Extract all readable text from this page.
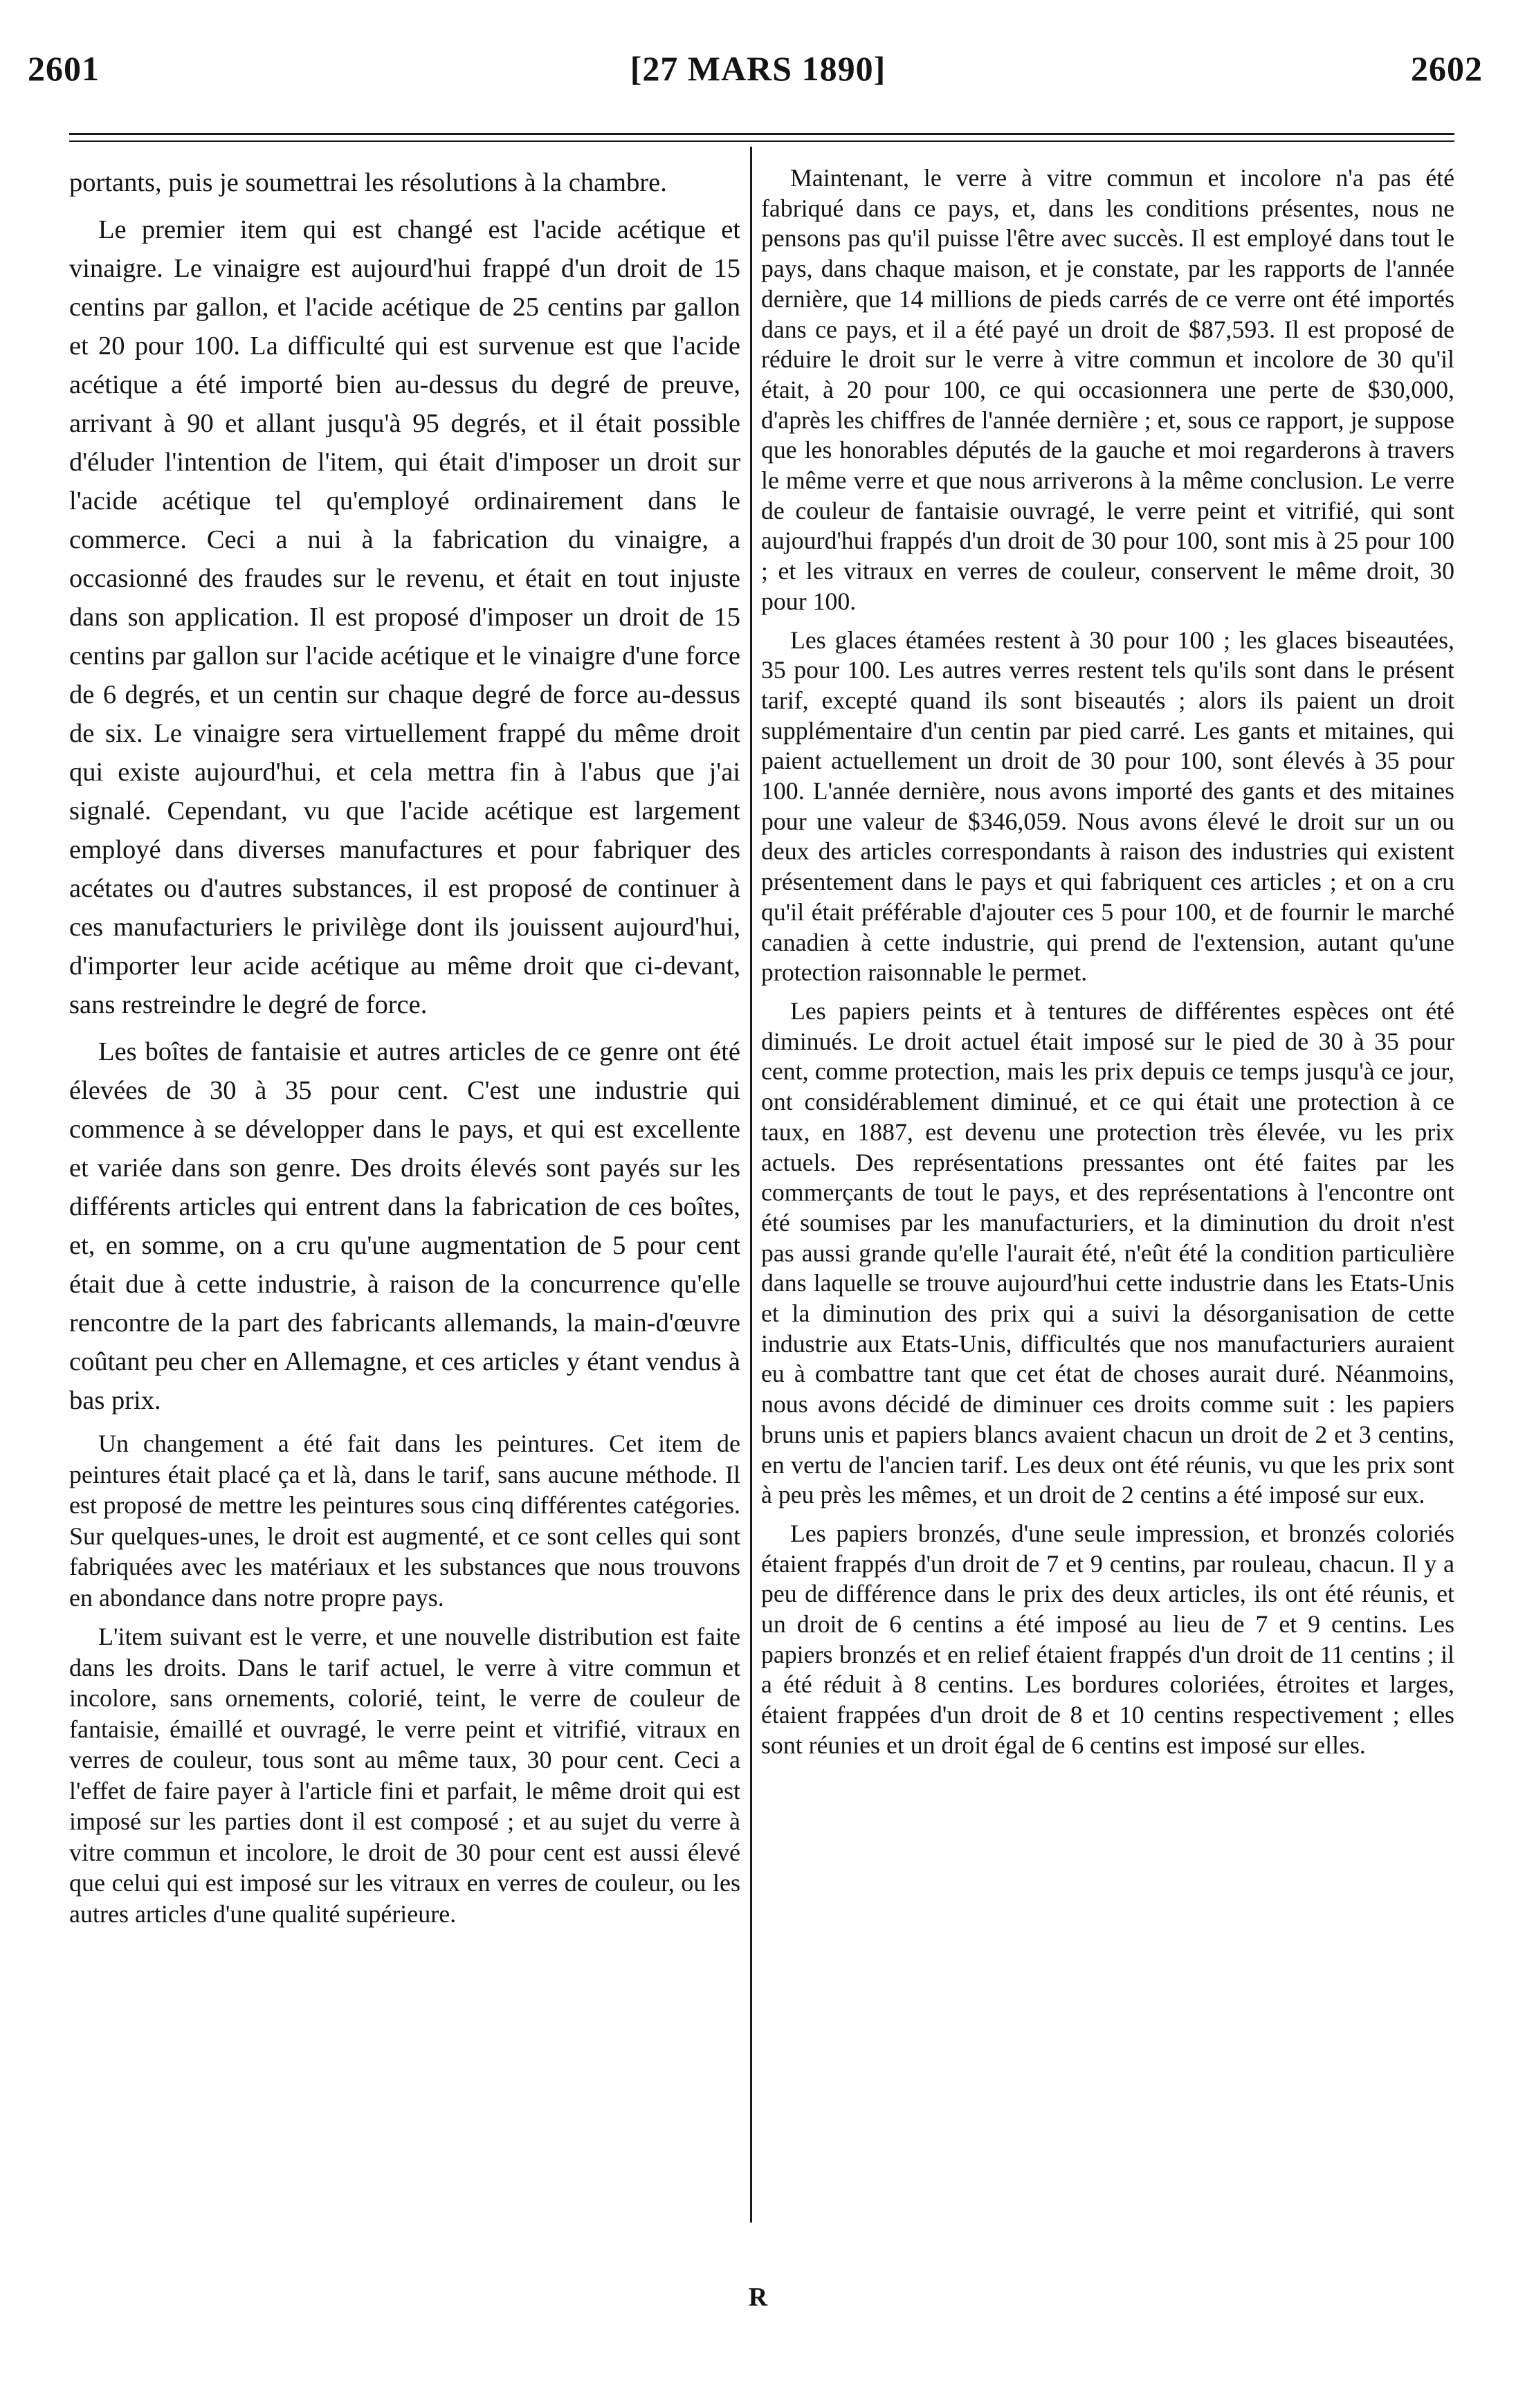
2601	[27 MARS 1890]	2602

portants, puis je soumettrai les résolutions à la chambre.

Le premier item qui est changé est l'acide acétique et vinaigre. Le vinaigre est aujourd'hui frappé d'un droit de 15 centins par gallon, et l'acide acétique de 25 centins par gallon et 20 pour 100. La difficulté qui est survenue est que l'acide acétique a été importé bien au-dessus du degré de preuve, arrivant à 90 et allant jusqu'à 95 degrés, et il était possible d'éluder l'intention de l'item, qui était d'imposer un droit sur l'acide acétique tel qu'employé ordinairement dans le commerce. Ceci a nui à la fabrication du vinaigre, a occasionné des fraudes sur le revenu, et était en tout injuste dans son application. Il est proposé d'imposer un droit de 15 centins par gallon sur l'acide acétique et le vinaigre d'une force de 6 degrés, et un centin sur chaque degré de force au-dessus de six. Le vinaigre sera virtuellement frappé du même droit qui existe aujourd'hui, et cela mettra fin à l'abus que j'ai signalé. Cependant, vu que l'acide acétique est largement employé dans diverses manufactures et pour fabriquer des acétates ou d'autres substances, il est proposé de continuer à ces manufacturiers le privilège dont ils jouissent aujourd'hui, d'importer leur acide acétique au même droit que ci-devant, sans restreindre le degré de force.

Les boîtes de fantaisie et autres articles de ce genre ont été élevées de 30 à 35 pour cent. C'est une industrie qui commence à se développer dans le pays, et qui est excellente et variée dans son genre. Des droits élevés sont payés sur les différents articles qui entrent dans la fabrication de ces boîtes, et, en somme, on a cru qu'une augmentation de 5 pour cent était due à cette industrie, à raison de la concurrence qu'elle rencontre de la part des fabricants allemands, la main-d'œuvre coûtant peu cher en Allemagne, et ces articles y étant vendus à bas prix.

Un changement a été fait dans les peintures. Cet item de peintures était placé ça et là, dans le tarif, sans aucune méthode. Il est proposé de mettre les peintures sous cinq différentes catégories. Sur quelques-unes, le droit est augmenté, et ce sont celles qui sont fabriquées avec les matériaux et les substances que nous trouvons en abondance dans notre propre pays.

L'item suivant est le verre, et une nouvelle distribution est faite dans les droits. Dans le tarif actuel, le verre à vitre commun et incolore, sans ornements, colorié, teint, le verre de couleur de fantaisie, émaillé et ouvragé, le verre peint et vitrifié, vitraux en verres de couleur, tous sont au même taux, 30 pour cent. Ceci a l'effet de faire payer à l'article fini et parfait, le même droit qui est imposé sur les parties dont il est composé ; et au sujet du verre à vitre commun et incolore, le droit de 30 pour cent est aussi élevé que celui qui est imposé sur les vitraux en verres de couleur, ou les autres articles d'une qualité supérieure.

Maintenant, le verre à vitre commun et incolore n'a pas été fabriqué dans ce pays, et, dans les conditions présentes, nous ne pensons pas qu'il puisse l'être avec succès. Il est employé dans tout le pays, dans chaque maison, et je constate, par les rapports de l'année dernière, que 14 millions de pieds carrés de ce verre ont été importés dans ce pays, et il a été payé un droit de $87,593. Il est proposé de réduire le droit sur le verre à vitre commun et incolore de 30 qu'il était, à 20 pour 100, ce qui occasionnera une perte de $30,000, d'après les chiffres de l'année dernière ; et, sous ce rapport, je suppose que les honorables députés de la gauche et moi regarderons à travers le même verre et que nous arriverons à la même conclusion. Le verre de couleur de fantaisie ouvragé, le verre peint et vitrifié, qui sont aujourd'hui frappés d'un droit de 30 pour 100, sont mis à 25 pour 100 ; et les vitraux en verres de couleur, conservent le même droit, 30 pour 100.

Les glaces étamées restent à 30 pour 100 ; les glaces biseautées, 35 pour 100. Les autres verres restent tels qu'ils sont dans le présent tarif, excepté quand ils sont biseautés ; alors ils paient un droit supplémentaire d'un centin par pied carré. Les gants et mitaines, qui paient actuellement un droit de 30 pour 100, sont élevés à 35 pour 100. L'année dernière, nous avons importé des gants et des mitaines pour une valeur de $346,059. Nous avons élevé le droit sur un ou deux des articles correspondants à raison des industries qui existent présentement dans le pays et qui fabriquent ces articles ; et on a cru qu'il était préférable d'ajouter ces 5 pour 100, et de fournir le marché canadien à cette industrie, qui prend de l'extension, autant qu'une protection raisonnable le permet.

Les papiers peints et à tentures de différentes espèces ont été diminués. Le droit actuel était imposé sur le pied de 30 à 35 pour cent, comme protection, mais les prix depuis ce temps jusqu'à ce jour, ont considérablement diminué, et ce qui était une protection à ce taux, en 1887, est devenu une protection très élevée, vu les prix actuels. Des représentations pressantes ont été faites par les commerçants de tout le pays, et des représentations à l'encontre ont été soumises par les manufacturiers, et la diminution du droit n'est pas aussi grande qu'elle l'aurait été, n'eût été la condition particulière dans laquelle se trouve aujourd'hui cette industrie dans les Etats-Unis et la diminution des prix qui a suivi la désorganisation de cette industrie aux Etats-Unis, difficultés que nos manufacturiers auraient eu à combattre tant que cet état de choses aurait duré. Néanmoins, nous avons décidé de diminuer ces droits comme suit : les papiers bruns unis et papiers blancs avaient chacun un droit de 2 et 3 centins, en vertu de l'ancien tarif. Les deux ont été réunis, vu que les prix sont à peu près les mêmes, et un droit de 2 centins a été imposé sur eux.

Les papiers bronzés, d'une seule impression, et bronzés coloriés étaient frappés d'un droit de 7 et 9 centins, par rouleau, chacun. Il y a peu de différence dans le prix des deux articles, ils ont été réunis, et un droit de 6 centins a été imposé au lieu de 7 et 9 centins. Les papiers bronzés et en relief étaient frappés d'un droit de 11 centins ; il a été réduit à 8 centins. Les bordures coloriées, étroites et larges, étaient frappées d'un droit de 8 et 10 centins respectivement ; elles sont réunies et un droit égal de 6 centins est imposé sur elles.

R
